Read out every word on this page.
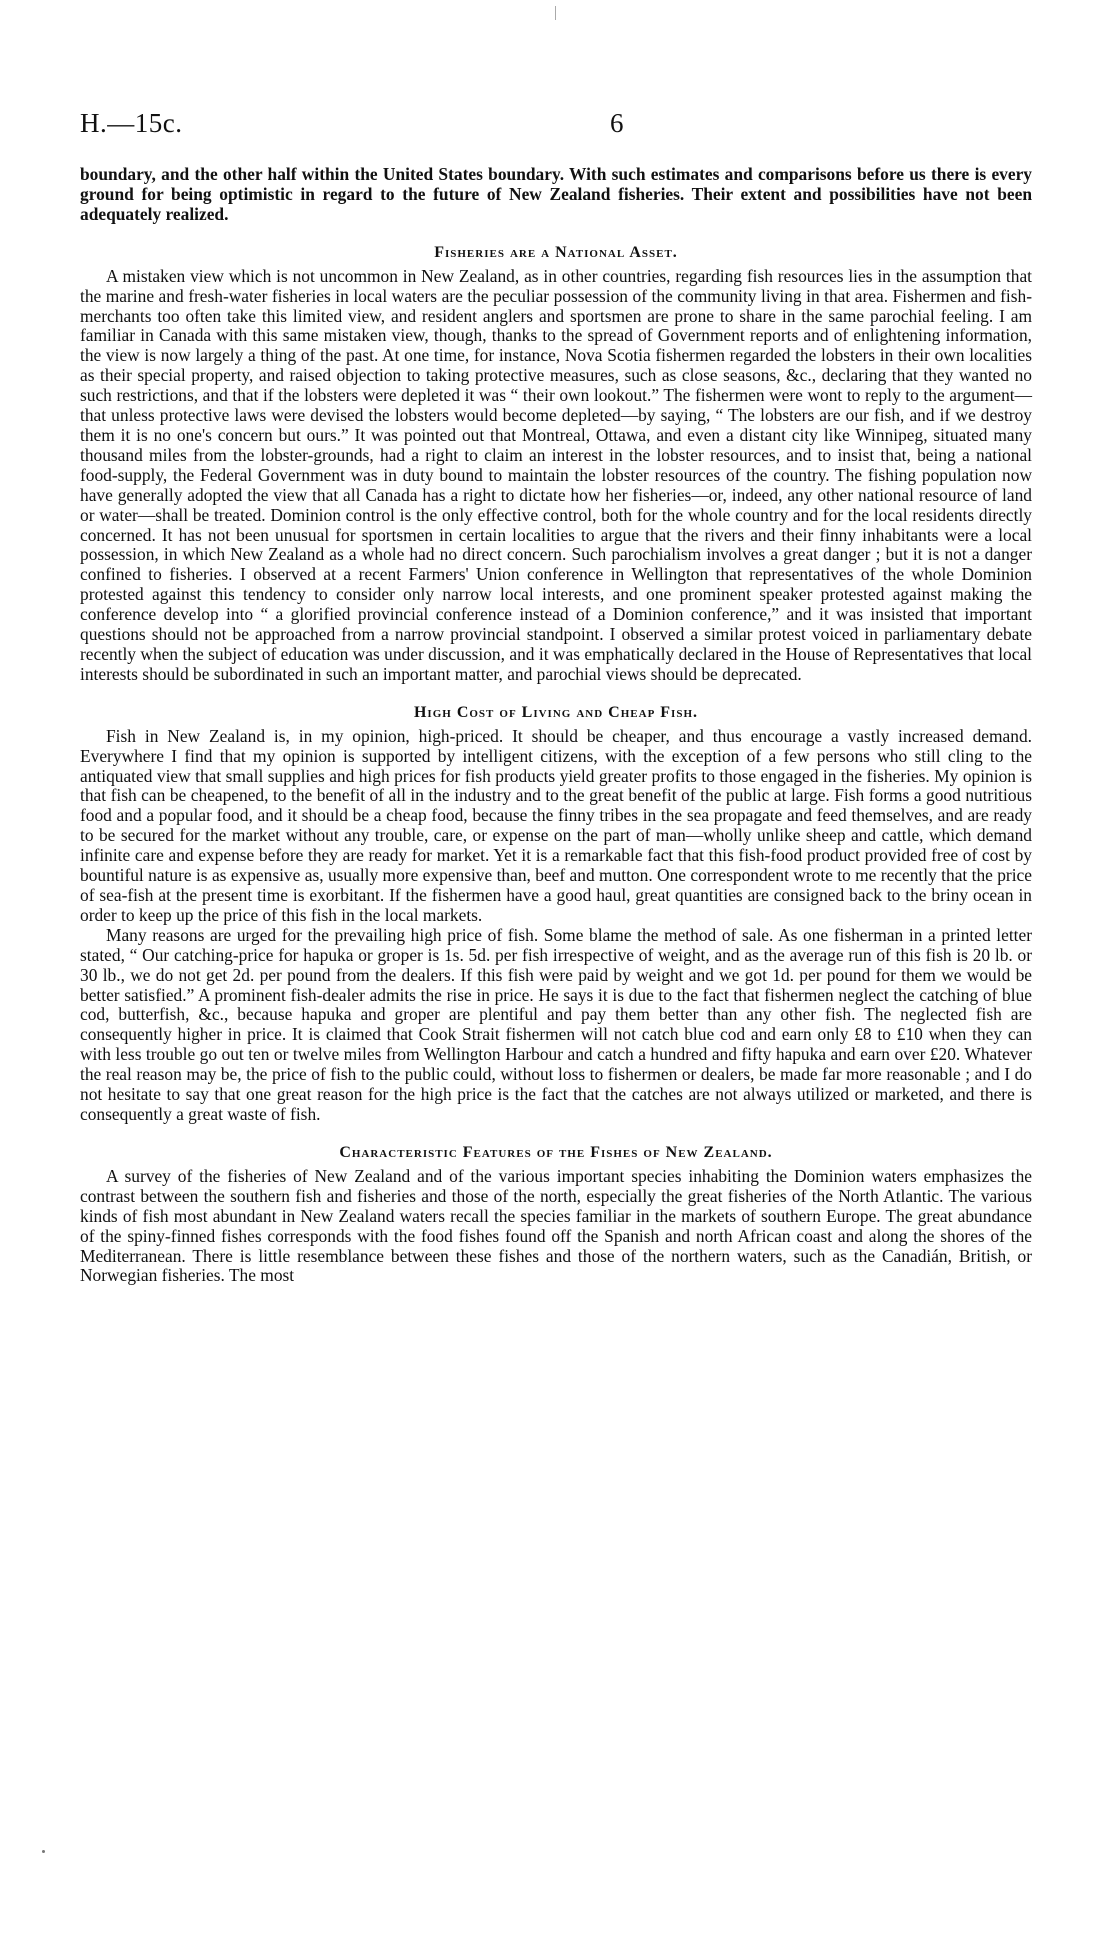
H.—15c.	6

boundary, and the other half within the United States boundary. With such estimates and comparisons before us there is every ground for being optimistic in regard to the future of New Zealand fisheries. Their extent and possibilities have not been adequately realized.

Fisheries are a National Asset.

A mistaken view which is not uncommon in New Zealand, as in other countries, regarding fish resources lies in the assumption that the marine and fresh-water fisheries in local waters are the peculiar possession of the community living in that area. Fishermen and fish-merchants too often take this limited view, and resident anglers and sportsmen are prone to share in the same parochial feeling. I am familiar in Canada with this same mistaken view, though, thanks to the spread of Government reports and of enlightening information, the view is now largely a thing of the past. At one time, for instance, Nova Scotia fishermen regarded the lobsters in their own localities as their special property, and raised objection to taking protective measures, such as close seasons, &c., declaring that they wanted no such restrictions, and that if the lobsters were depleted it was “ their own lookout.” The fishermen were wont to reply to the argument—that unless protective laws were devised the lobsters would become depleted—by saying, “ The lobsters are our fish, and if we destroy them it is no one's concern but ours.” It was pointed out that Montreal, Ottawa, and even a distant city like Winnipeg, situated many thousand miles from the lobster-grounds, had a right to claim an interest in the lobster resources, and to insist that, being a national food-supply, the Federal Government was in duty bound to maintain the lobster resources of the country. The fishing population now have generally adopted the view that all Canada has a right to dictate how her fisheries—or, indeed, any other national resource of land or water—shall be treated. Dominion control is the only effective control, both for the whole country and for the local residents directly concerned. It has not been unusual for sportsmen in certain localities to argue that the rivers and their finny inhabitants were a local possession, in which New Zealand as a whole had no direct concern. Such parochialism involves a great danger ; but it is not a danger confined to fisheries. I observed at a recent Farmers' Union conference in Wellington that representatives of the whole Dominion protested against this tendency to consider only narrow local interests, and one prominent speaker protested against making the conference develop into “ a glorified provincial conference instead of a Dominion conference,” and it was insisted that important questions should not be approached from a narrow provincial standpoint. I observed a similar protest voiced in parliamentary debate recently when the subject of education was under discussion, and it was emphatically declared in the House of Representatives that local interests should be subordinated in such an important matter, and parochial views should be deprecated.

High Cost of Living and Cheap Fish.

Fish in New Zealand is, in my opinion, high-priced. It should be cheaper, and thus encourage a vastly increased demand. Everywhere I find that my opinion is supported by intelligent citizens, with the exception of a few persons who still cling to the antiquated view that small supplies and high prices for fish products yield greater profits to those engaged in the fisheries. My opinion is that fish can be cheapened, to the benefit of all in the industry and to the great benefit of the public at large. Fish forms a good nutritious food and a popular food, and it should be a cheap food, because the finny tribes in the sea propagate and feed themselves, and are ready to be secured for the market without any trouble, care, or expense on the part of man—wholly unlike sheep and cattle, which demand infinite care and expense before they are ready for market. Yet it is a remarkable fact that this fish-food product provided free of cost by bountiful nature is as expensive as, usually more expensive than, beef and mutton. One correspondent wrote to me recently that the price of sea-fish at the present time is exorbitant. If the fishermen have a good haul, great quantities are consigned back to the briny ocean in order to keep up the price of this fish in the local markets.

Many reasons are urged for the prevailing high price of fish. Some blame the method of sale. As one fisherman in a printed letter stated, “ Our catching-price for hapuka or groper is 1s. 5d. per fish irrespective of weight, and as the average run of this fish is 20 lb. or 30 lb., we do not get 2d. per pound from the dealers. If this fish were paid by weight and we got 1d. per pound for them we would be better satisfied.” A prominent fish-dealer admits the rise in price. He says it is due to the fact that fishermen neglect the catching of blue cod, butterfish, &c., because hapuka and groper are plentiful and pay them better than any other fish. The neglected fish are consequently higher in price. It is claimed that Cook Strait fishermen will not catch blue cod and earn only £8 to £10 when they can with less trouble go out ten or twelve miles from Wellington Harbour and catch a hundred and fifty hapuka and earn over £20. Whatever the real reason may be, the price of fish to the public could, without loss to fishermen or dealers, be made far more reasonable ; and I do not hesitate to say that one great reason for the high price is the fact that the catches are not always utilized or marketed, and there is consequently a great waste of fish.

Characteristic Features of the Fishes of New Zealand.

A survey of the fisheries of New Zealand and of the various important species inhabiting the Dominion waters emphasizes the contrast between the southern fish and fisheries and those of the north, especially the great fisheries of the North Atlantic. The various kinds of fish most abundant in New Zealand waters recall the species familiar in the markets of southern Europe. The great abundance of the spiny-finned fishes corresponds with the food fishes found off the Spanish and north African coast and along the shores of the Mediterranean. There is little resemblance between these fishes and those of the northern waters, such as the Canadián, British, or Norwegian fisheries. The most
